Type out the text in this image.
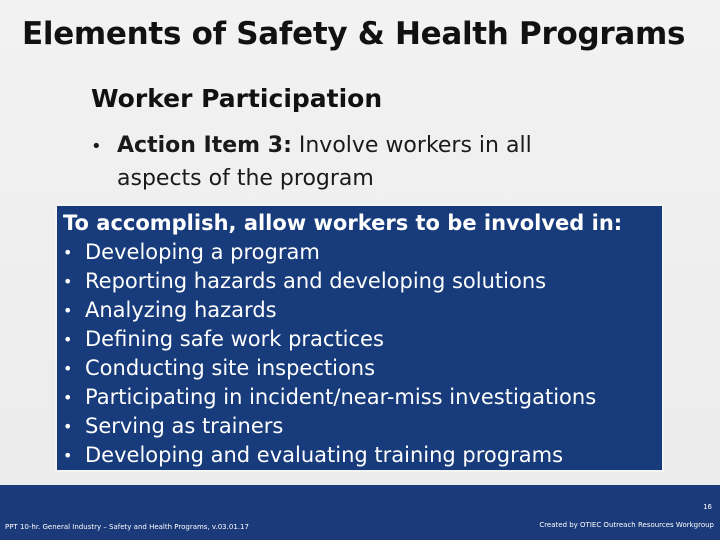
Elements of Safety & Health Programs
Worker Participation
• Action Item 3: Involve workers in all
aspects of the program
To accomplish, allow workers to be involved in:
• Developing a program
• Reporting hazards and developing solutions
• Analyzing hazards
• Defining safe work practices
• Conducting site inspections
• Participating in incident/near-miss investigations
• Serving as trainers
• Developing and evaluating training programs
PPT 10-hr. General Industry – Safety and Health Programs, v.03.01.17
16
Created by OTIEC Outreach Resources Workgroup
